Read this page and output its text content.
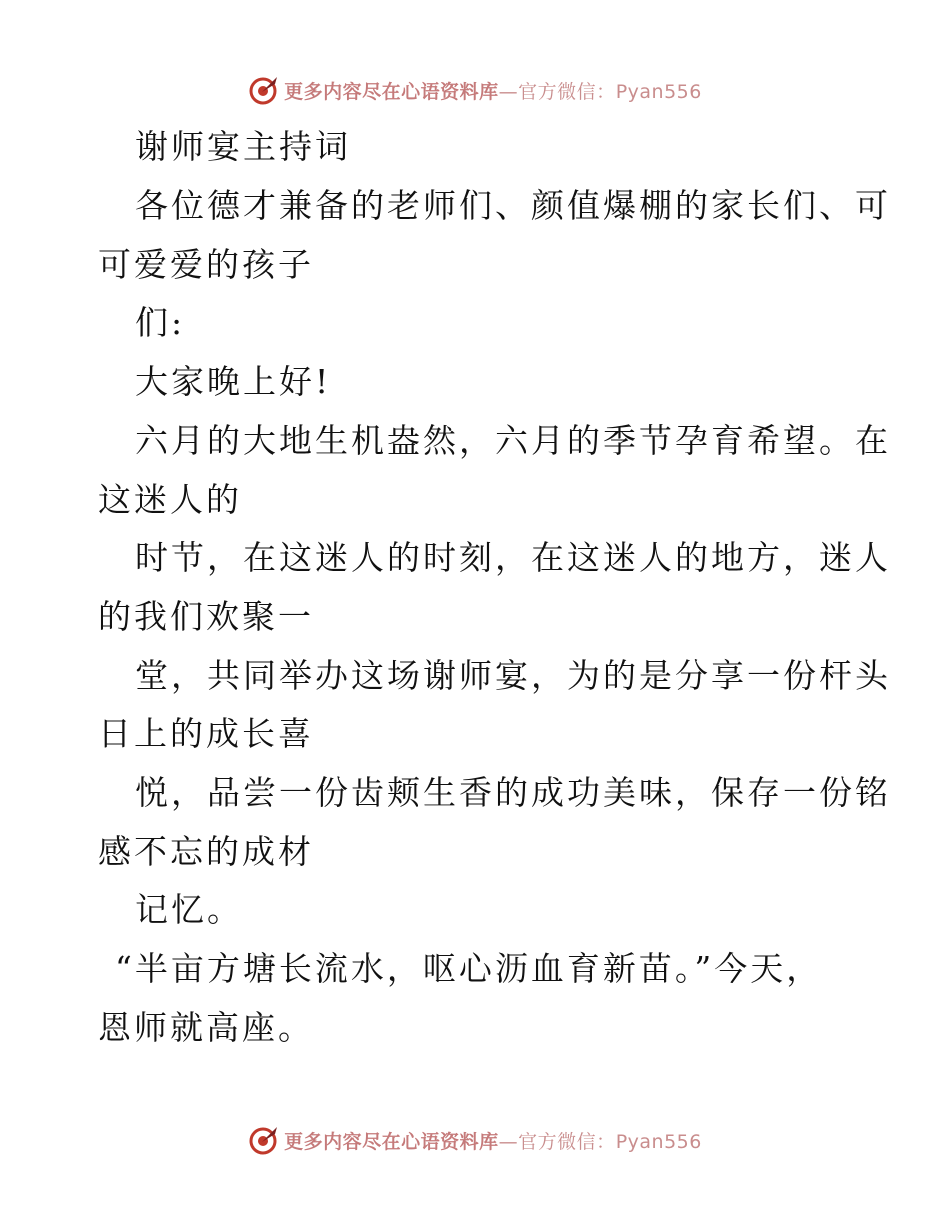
更多内容尽在心语资料库—官方微信：Pyan556
谢师宴主持词
各位德才兼备的老师们、颜值爆棚的家长们、可
可爱爱的孩子
们:
大家晚上好!
六月的大地生机盎然，六月的季节孕育希望。在
这迷人的
时节，在这迷人的时刻，在这迷人的地方，迷人
的我们欢聚一
堂，共同举办这场谢师宴，为的是分享一份杆头
日上的成长喜
悦，品尝一份齿颊生香的成功美味，保存一份铭
感不忘的成材
记忆。
“半亩方塘长流水，呕心沥血育新苗。”今天，
恩师就高座。
更多内容尽在心语资料库—官方微信：Pyan556
